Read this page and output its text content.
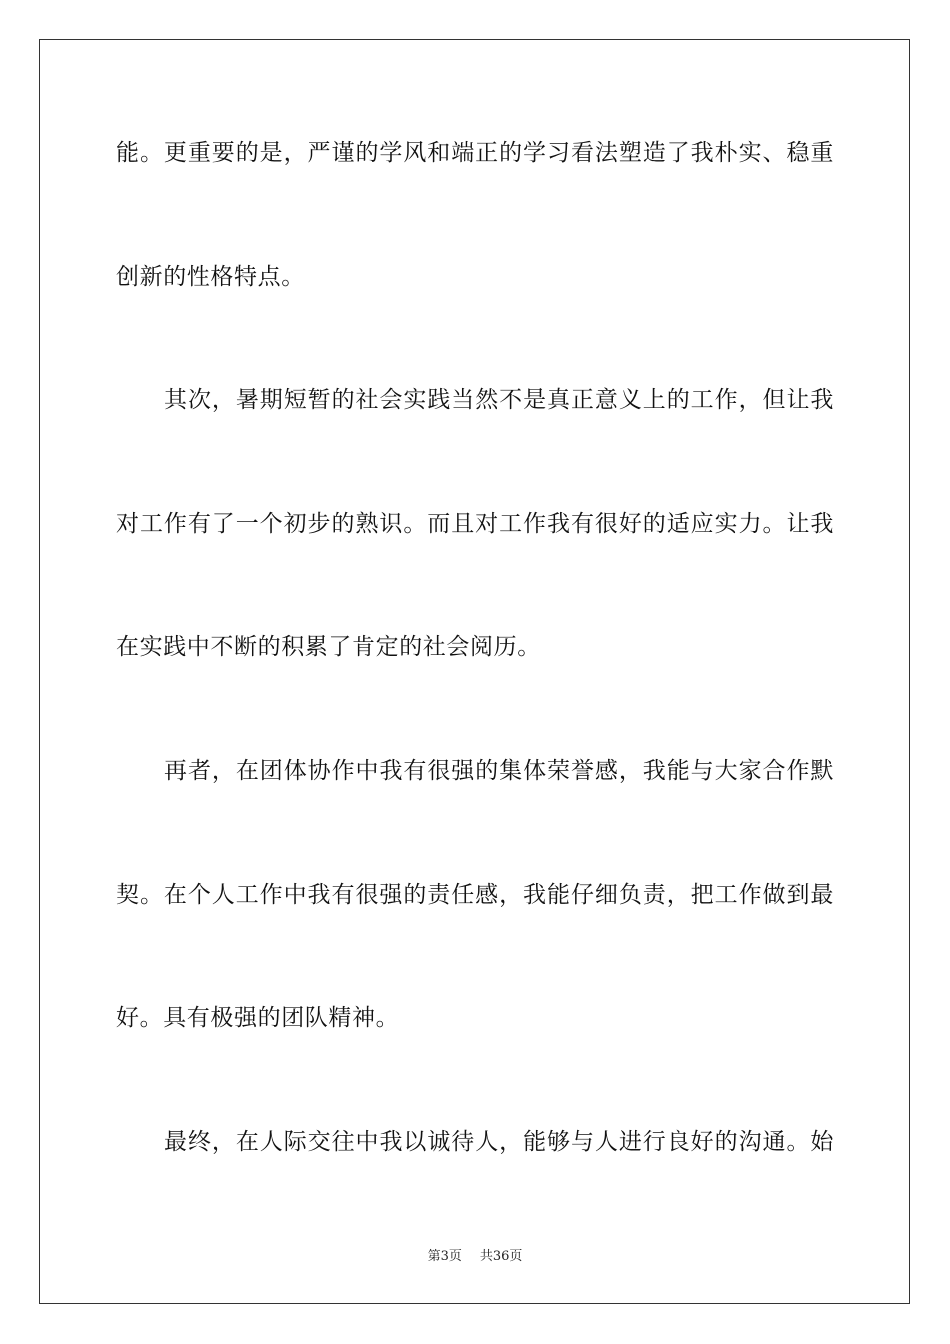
能。更重要的是，严谨的学风和端正的学习看法塑造了我朴实、稳重
创新的性格特点。
其次，暑期短暂的社会实践当然不是真正意义上的工作，但让我
对工作有了一个初步的熟识。而且对工作我有很好的适应实力。让我
在实践中不断的积累了肯定的社会阅历。
再者，在团体协作中我有很强的集体荣誉感，我能与大家合作默
契。在个人工作中我有很强的责任感，我能仔细负责，把工作做到最
好。具有极强的团队精神。
最终，在人际交往中我以诚待人，能够与人进行良好的沟通。始
第3页 共36页
